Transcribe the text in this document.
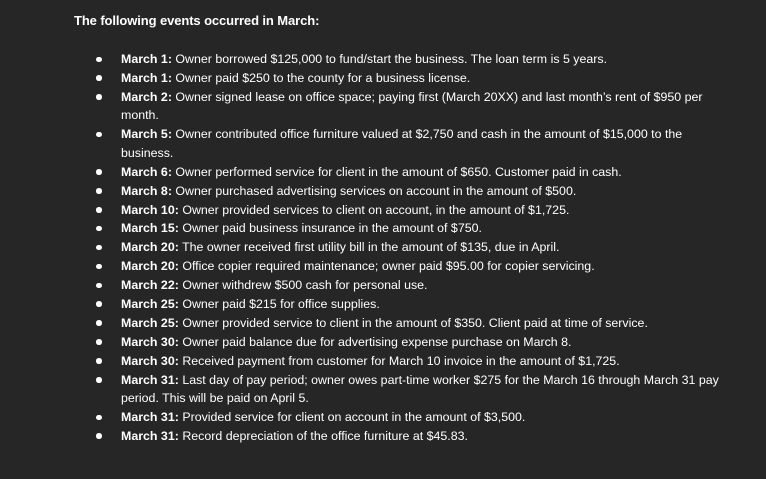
The following events occurred in March:
March 1: Owner borrowed $125,000 to fund/start the business. The loan term is 5 years.
March 1: Owner paid $250 to the county for a business license.
March 2: Owner signed lease on office space; paying first (March 20XX) and last month’s rent of $950 per month.
March 5: Owner contributed office furniture valued at $2,750 and cash in the amount of $15,000 to the business.
March 6: Owner performed service for client in the amount of $650. Customer paid in cash.
March 8: Owner purchased advertising services on account in the amount of $500.
March 10: Owner provided services to client on account, in the amount of $1,725.
March 15: Owner paid business insurance in the amount of $750.
March 20: The owner received first utility bill in the amount of $135, due in April.
March 20: Office copier required maintenance; owner paid $95.00 for copier servicing.
March 22: Owner withdrew $500 cash for personal use.
March 25: Owner paid $215 for office supplies.
March 25: Owner provided service to client in the amount of $350. Client paid at time of service.
March 30: Owner paid balance due for advertising expense purchase on March 8.
March 30: Received payment from customer for March 10 invoice in the amount of $1,725.
March 31: Last day of pay period; owner owes part-time worker $275 for the March 16 through March 31 pay period. This will be paid on April 5.
March 31: Provided service for client on account in the amount of $3,500.
March 31: Record depreciation of the office furniture at $45.83.
